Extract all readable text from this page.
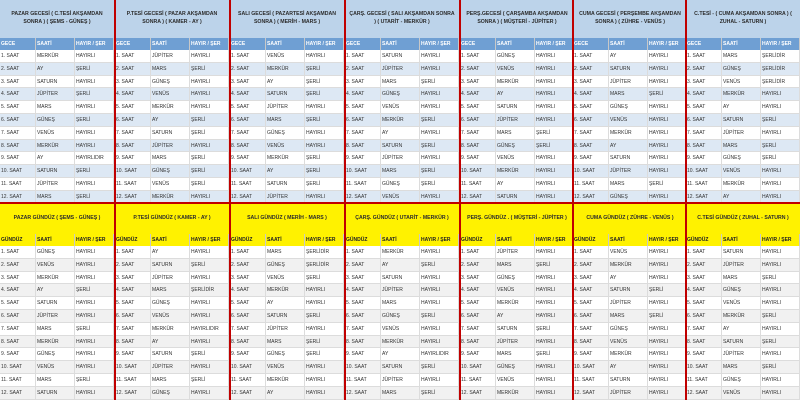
PAZAR GECESİ ( C.TESİ AKŞAMDAN SONRA ) ( ŞEMS - GÜNEŞ )
GECE	SAATİ	HAYIR / ŞER
1. SAAT	MERKÜR	HAYIRLI
2. SAAT	AY	ŞERLİ
3. SAAT	SATURN	HAYIRLI
4. SAAT	JÜPİTER	ŞERLİ
5. SAAT	MARS	HAYIRLI
6. SAAT	GÜNEŞ	ŞERLİ
7. SAAT	VENÜS	HAYIRLI
8. SAAT	MERKÜR	HAYIRLI
9. SAAT	AY	HAYIRLIDIR
10. SAAT	SATURN	ŞERLİ
11. SAAT	JÜPİTER	HAYIRLI
12. SAAT	MARS	ŞERLİ
P.TESİ GECESİ ( PAZAR AKŞAMDAN SONRA ) ( KAMER - AY )
GECE	SAATİ	HAYIR / ŞER
1. SAAT	JÜPİTER	HAYIRLI
2. SAAT	MARS	ŞERLİ
3. SAAT	GÜNEŞ	HAYIRLI
4. SAAT	VENÜS	HAYIRLI
5. SAAT	MERKÜR	HAYIRLI
6. SAAT	AY	ŞERLİ
7. SAAT	SATURN	ŞERLİ
8. SAAT	JÜPİTER	HAYIRLI
9. SAAT	MARS	ŞERLİ
10. SAAT	GÜNEŞ	ŞERLİ
11. SAAT	VENÜS	ŞERLİ
12. SAAT	MERKÜR	HAYIRLI
SALI GECESİ ( PAZARTESİ AKŞAMDAN SONRA ) ( MERİH - MARS )
GECE	SAATİ	HAYIR / ŞER
1. SAAT	VENÜS	HAYIRLI
2. SAAT	MERKÜR	ŞERLİ
3. SAAT	AY	ŞERLİ
4. SAAT	SATURN	ŞERLİ
5. SAAT	JÜPİTER	HAYIRLI
6. SAAT	MARS	ŞERLİ
7. SAAT	GÜNEŞ	HAYIRLI
8. SAAT	VENÜS	HAYIRLI
9. SAAT	MERKÜR	ŞERLİ
10. SAAT	AY	ŞERLİ
11. SAAT	SATURN	ŞERLİ
12. SAAT	JÜPİTER	HAYIRLI
ÇARŞ. GECESİ ( SALI AKŞAMDAN SONRA ) ( UTARİT - MERKÜR )
GECE	SAATİ	HAYIR / ŞER
1. SAAT	SATURN	HAYIRLI
2. SAAT	JÜPİTER	HAYIRLI
3. SAAT	MARS	ŞERLİ
4. SAAT	GÜNEŞ	HAYIRLI
5. SAAT	VENÜS	HAYIRLI
6. SAAT	MERKÜR	ŞERLİ
7. SAAT	AY	HAYIRLI
8. SAAT	SATURN	ŞERLİ
9. SAAT	JÜPİTER	HAYIRLI
10. SAAT	MARS	ŞERLİ
11. SAAT	GÜNEŞ	ŞERLİ
12. SAAT	VENÜS	HAYIRLI
PERŞ.GECESİ ( ÇARŞAMBA AKŞAMDAN SONRA ) ( MÜŞTERİ - JÜPİTER )
GECE	SAATİ	HAYIR / ŞER
1. SAAT	GÜNEŞ	HAYIRLI
2. SAAT	VENÜS	HAYIRLI
3. SAAT	MERKÜR	HAYIRLI
4. SAAT	AY	HAYIRLI
5. SAAT	SATURN	HAYIRLI
6. SAAT	JÜPİTER	HAYIRLI
7. SAAT	MARS	ŞERLİ
8. SAAT	GÜNEŞ	ŞERLİ
9. SAAT	VENÜS	HAYIRLI
10. SAAT	MERKÜR	HAYIRLI
11. SAAT	AY	HAYIRLI
12. SAAT	SATURN	HAYIRLI
CUMA GECESİ ( PERŞEMBE AKŞAMDAN SONRA ) ( ZÜHRE - VENÜS )
GECE	SAATİ	HAYIR / ŞER
1. SAAT	AY	HAYIRLI
2. SAAT	SATURN	HAYIRLI
3. SAAT	JÜPİTER	HAYIRLI
4. SAAT	MARS	ŞERLİ
5. SAAT	GÜNEŞ	HAYIRLI
6. SAAT	VENÜS	HAYIRLI
7. SAAT	MERKÜR	HAYIRLI
8. SAAT	AY	HAYIRLI
9. SAAT	SATURN	HAYIRLI
10. SAAT	JÜPİTER	HAYIRLI
11. SAAT	MARS	ŞERLİ
12. SAAT	GÜNEŞ	HAYIRLI
C.TESİ - ( CUMA AKŞAMDAN SONRA ) ( ZUHAL - SATURN )
GECE	SAATİ	HAYIR / ŞER
1. SAAT	MARS	ŞERLİDİR
2. SAAT	GÜNEŞ	ŞERLİDİR
3. SAAT	VENÜS	ŞERLİDİR
4. SAAT	MERKÜR	HAYIRLI
5. SAAT	AY	HAYIRLI
6. SAAT	SATURN	ŞERLİ
7. SAAT	JÜPİTER	HAYIRLI
8. SAAT	MARS	ŞERLİ
9. SAAT	GÜNEŞ	ŞERLİ
10. SAAT	VENÜS	HAYIRLI
11. SAAT	MERKÜR	HAYIRLI
12. SAAT	AY	HAYIRLI
PAZAR GÜNDÜZ ( ŞEMS - GÜNEŞ )
GÜNDÜZ	SAATİ	HAYIR / ŞER
1. SAAT	GÜNEŞ	HAYIRLI
2. SAAT	VENÜS	HAYIRLI
3. SAAT	MERKÜR	HAYIRLI
4. SAAT	AY	ŞERLİ
5. SAAT	SATURN	HAYIRLI
6. SAAT	JÜPİTER	HAYIRLI
7. SAAT	MARS	ŞERLİ
8. SAAT	MERKÜR	HAYIRLI
9. SAAT	GÜNEŞ	HAYIRLI
10. SAAT	VENÜS	HAYIRLI
11. SAAT	MARS	ŞERLİ
12. SAAT	SATURN	HAYIRLI
P.TESİ GÜNDÜZ ( KAMER - AY )
GÜNDÜZ	SAATİ	HAYIR / ŞER
1. SAAT	AY	HAYIRLI
2. SAAT	SATURN	ŞERLİ
3. SAAT	JÜPİTER	HAYIRLI
4. SAAT	MARS	ŞERLİDİR
5. SAAT	GÜNEŞ	HAYIRLI
6. SAAT	VENÜS	HAYIRLI
7. SAAT	MERKÜR	HAYIRLIDIR
8. SAAT	AY	HAYIRLI
9. SAAT	SATURN	ŞERLİ
10. SAAT	JÜPİTER	HAYIRLI
11. SAAT	MARS	ŞERLİ
12. SAAT	GÜNEŞ	HAYIRLI
SALI GÜNDÜZ ( MERİH - MARS )
GÜNDÜZ	SAATİ	HAYIR / ŞER
1. SAAT	MARS	ŞERLİDİR
2. SAAT	GÜNEŞ	ŞERLİDİR
3. SAAT	VENÜS	ŞERLİ
4. SAAT	MERKÜR	HAYIRLI
5. SAAT	AY	HAYIRLI
6. SAAT	SATURN	ŞERLİ
7. SAAT	JÜPİTER	HAYIRLI
8. SAAT	MARS	ŞERLİ
9. SAAT	GÜNEŞ	ŞERLİ
10. SAAT	VENÜS	HAYIRLI
11. SAAT	MERKÜR	HAYIRLI
12. SAAT	AY	HAYIRLI
ÇARŞ. GÜNDÜZ ( UTARİT - MERKÜR )
GÜNDÜZ	SAATİ	HAYIR / ŞER
1. SAAT	MERKÜR	HAYIRLI
2. SAAT	AY	ŞERLİ
3. SAAT	SATURN	HAYIRLI
4. SAAT	JÜPİTER	HAYIRLI
5. SAAT	MARS	HAYIRLI
6. SAAT	GÜNEŞ	ŞERLİ
7. SAAT	VENÜS	HAYIRLI
8. SAAT	MERKÜR	HAYIRLI
9. SAAT	AY	HAYIRLIDIR
10. SAAT	SATURN	ŞERLİ
11. SAAT	JÜPİTER	HAYIRLI
12. SAAT	MARS	ŞERLİ
PERŞ. GÜNDÜZ . ( MÜŞTERİ - JÜPİTER )
GÜNDÜZ	SAATİ	HAYIR / ŞER
1. SAAT	JÜPİTER	HAYIRLI
2. SAAT	MARS	ŞERLİ
3. SAAT	GÜNEŞ	HAYIRLI
4. SAAT	VENÜS	HAYIRLI
5. SAAT	MERKÜR	HAYIRLI
6. SAAT	AY	HAYIRLI
7. SAAT	SATURN	ŞERLİ
8. SAAT	JÜPİTER	HAYIRLI
9. SAAT	MARS	ŞERLİ
10. SAAT	GÜNEŞ	HAYIRLI
11. SAAT	VENÜS	HAYIRLI
12. SAAT	MERKÜR	HAYIRLI
CUMA GÜNDÜZ ( ZÜHRE - VENÜS )
GÜNDÜZ	SAATİ	HAYIR / ŞER
1. SAAT	VENÜS	HAYIRLI
2. SAAT	MERKÜR	HAYIRLI
3. SAAT	AY	HAYIRLI
4. SAAT	SATURN	ŞERLİ
5. SAAT	JÜPİTER	HAYIRLI
6. SAAT	MARS	ŞERLİ
7. SAAT	GÜNEŞ	HAYIRLI
8. SAAT	VENÜS	HAYIRLI
9. SAAT	MERKÜR	HAYIRLI
10. SAAT	AY	HAYIRLI
11. SAAT	SATURN	HAYIRLI
12. SAAT	JÜPİTER	HAYIRLI
C.TESİ GÜNDÜZ ( ZUHAL - SATURN )
GÜNDÜZ	SAATİ	HAYIR / ŞER
1. SAAT	SATURN	HAYIRLI
2. SAAT	JÜPİTER	HAYIRLI
3. SAAT	MARS	ŞERLİ
4. SAAT	GÜNEŞ	HAYIRLI
5. SAAT	VENÜS	HAYIRLI
6. SAAT	MERKÜR	ŞERLİ
7. SAAT	AY	HAYIRLI
8. SAAT	SATURN	ŞERLİ
9. SAAT	JÜPİTER	HAYIRLI
10. SAAT	MARS	ŞERLİ
11. SAAT	GÜNEŞ	HAYIRLI
12. SAAT	VENÜS	HAYIRLI
